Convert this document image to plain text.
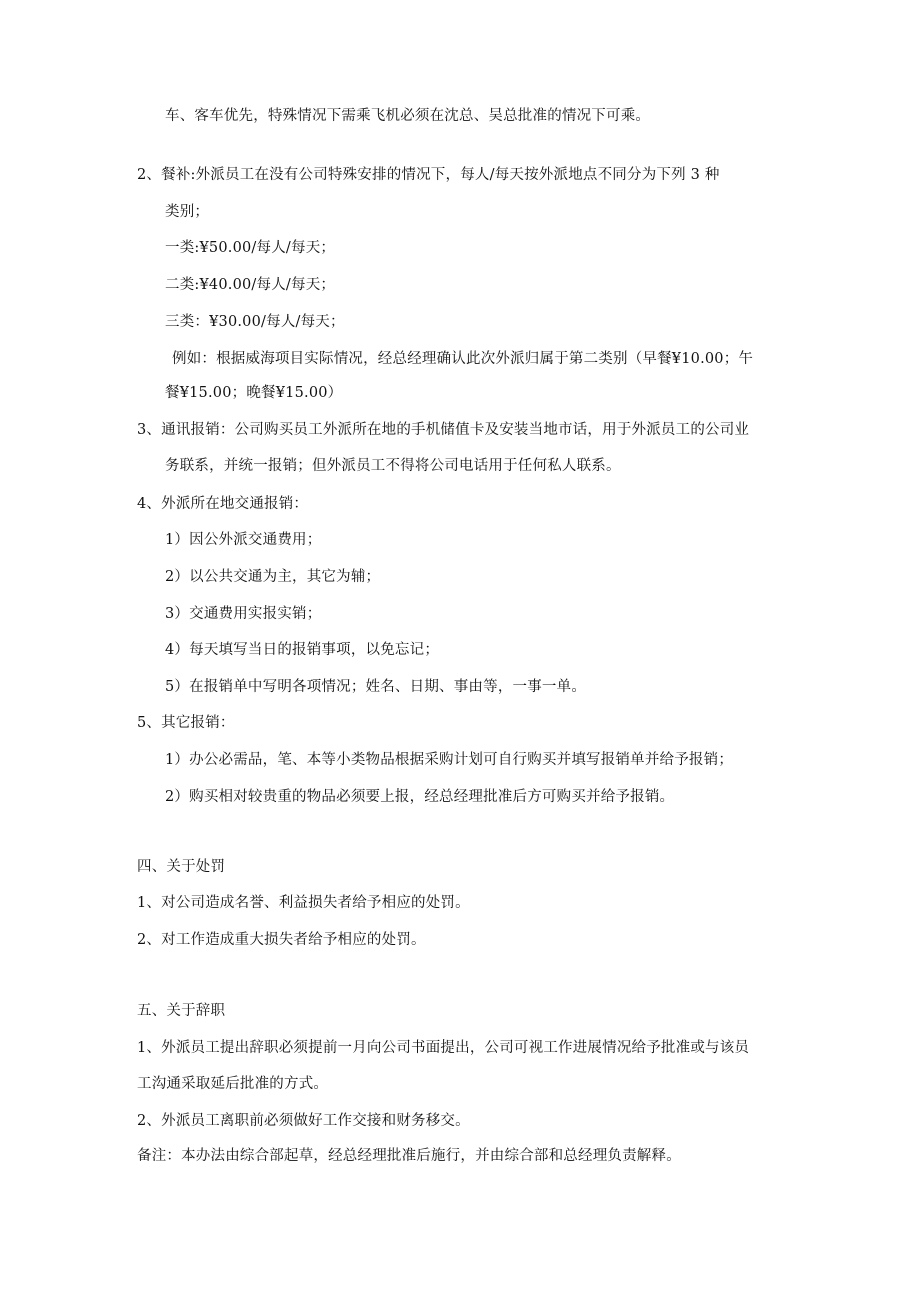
车、客车优先，特殊情况下需乘飞机必须在沈总、吴总批准的情况下可乘。

2、餐补:外派员工在没有公司特殊安排的情况下，每人/每天按外派地点不同分为下列 3 种

类别；

一类:¥50.00/每人/每天；

二类:¥40.00/每人/每天；

三类：¥30.00/每人/每天；

例如：根据威海项目实际情况，经总经理确认此次外派归属于第二类别（早餐¥10.00；午

餐¥15.00；晚餐¥15.00）

3、通讯报销：公司购买员工外派所在地的手机储值卡及安装当地市话，用于外派员工的公司业

务联系，并统一报销；但外派员工不得将公司电话用于任何私人联系。

4、外派所在地交通报销：

1）因公外派交通费用；

2）以公共交通为主，其它为辅；

3）交通费用实报实销；

4）每天填写当日的报销事项，以免忘记；

5）在报销单中写明各项情况；姓名、日期、事由等，一事一单。

5、其它报销：

1）办公必需品，笔、本等小类物品根据采购计划可自行购买并填写报销单并给予报销；

2）购买相对较贵重的物品必须要上报，经总经理批准后方可购买并给予报销。

四、关于处罚

1、对公司造成名誉、利益损失者给予相应的处罚。

2、对工作造成重大损失者给予相应的处罚。

五、关于辞职

1、外派员工提出辞职必须提前一月向公司书面提出，公司可视工作进展情况给予批准或与该员

工沟通采取延后批准的方式。

2、外派员工离职前必须做好工作交接和财务移交。

备注：本办法由综合部起草，经总经理批准后施行，并由综合部和总经理负责解释。
